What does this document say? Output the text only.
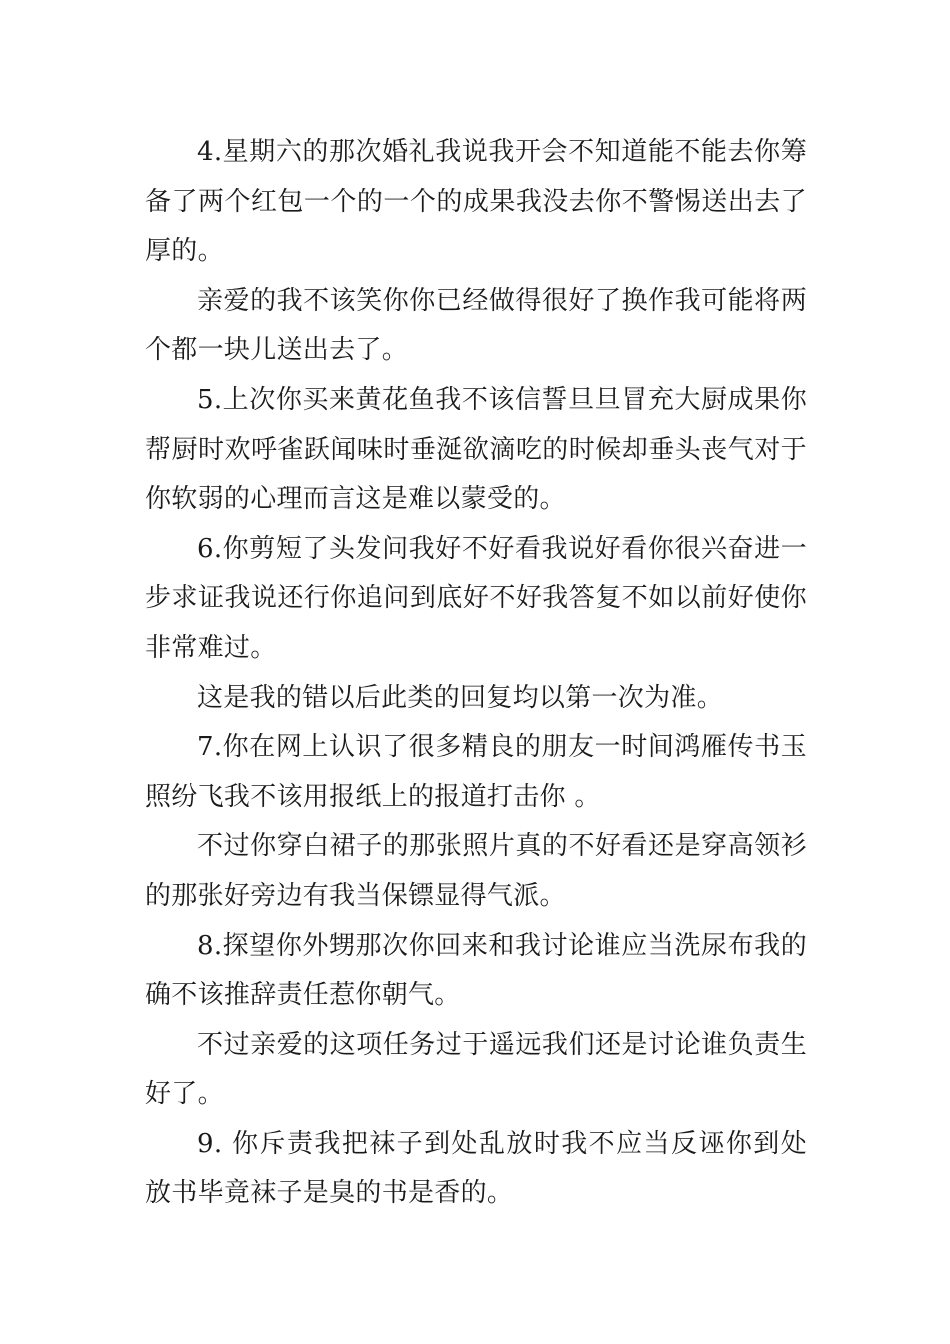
4.星期六的那次婚礼我说我开会不知道能不能去你筹备了两个红包一个的一个的成果我没去你不警惕送出去了厚的。

亲爱的我不该笑你你已经做得很好了换作我可能将两个都一块儿送出去了。

5.上次你买来黄花鱼我不该信誓旦旦冒充大厨成果你帮厨时欢呼雀跃闻味时垂涎欲滴吃的时候却垂头丧气对于你软弱的心理而言这是难以蒙受的。

6.你剪短了头发问我好不好看我说好看你很兴奋进一步求证我说还行你追问到底好不好我答复不如以前好使你非常难过。

这是我的错以后此类的回复均以第一次为准。

7.你在网上认识了很多精良的朋友一时间鸿雁传书玉照纷飞我不该用报纸上的报道打击你 。

不过你穿白裙子的那张照片真的不好看还是穿高领衫的那张好旁边有我当保镖显得气派。

8.探望你外甥那次你回来和我讨论谁应当洗尿布我的确不该推辞责任惹你朝气。

不过亲爱的这项任务过于遥远我们还是讨论谁负责生好了。

9. 你斥责我把袜子到处乱放时我不应当反诬你到处放书毕竟袜子是臭的书是香的。
